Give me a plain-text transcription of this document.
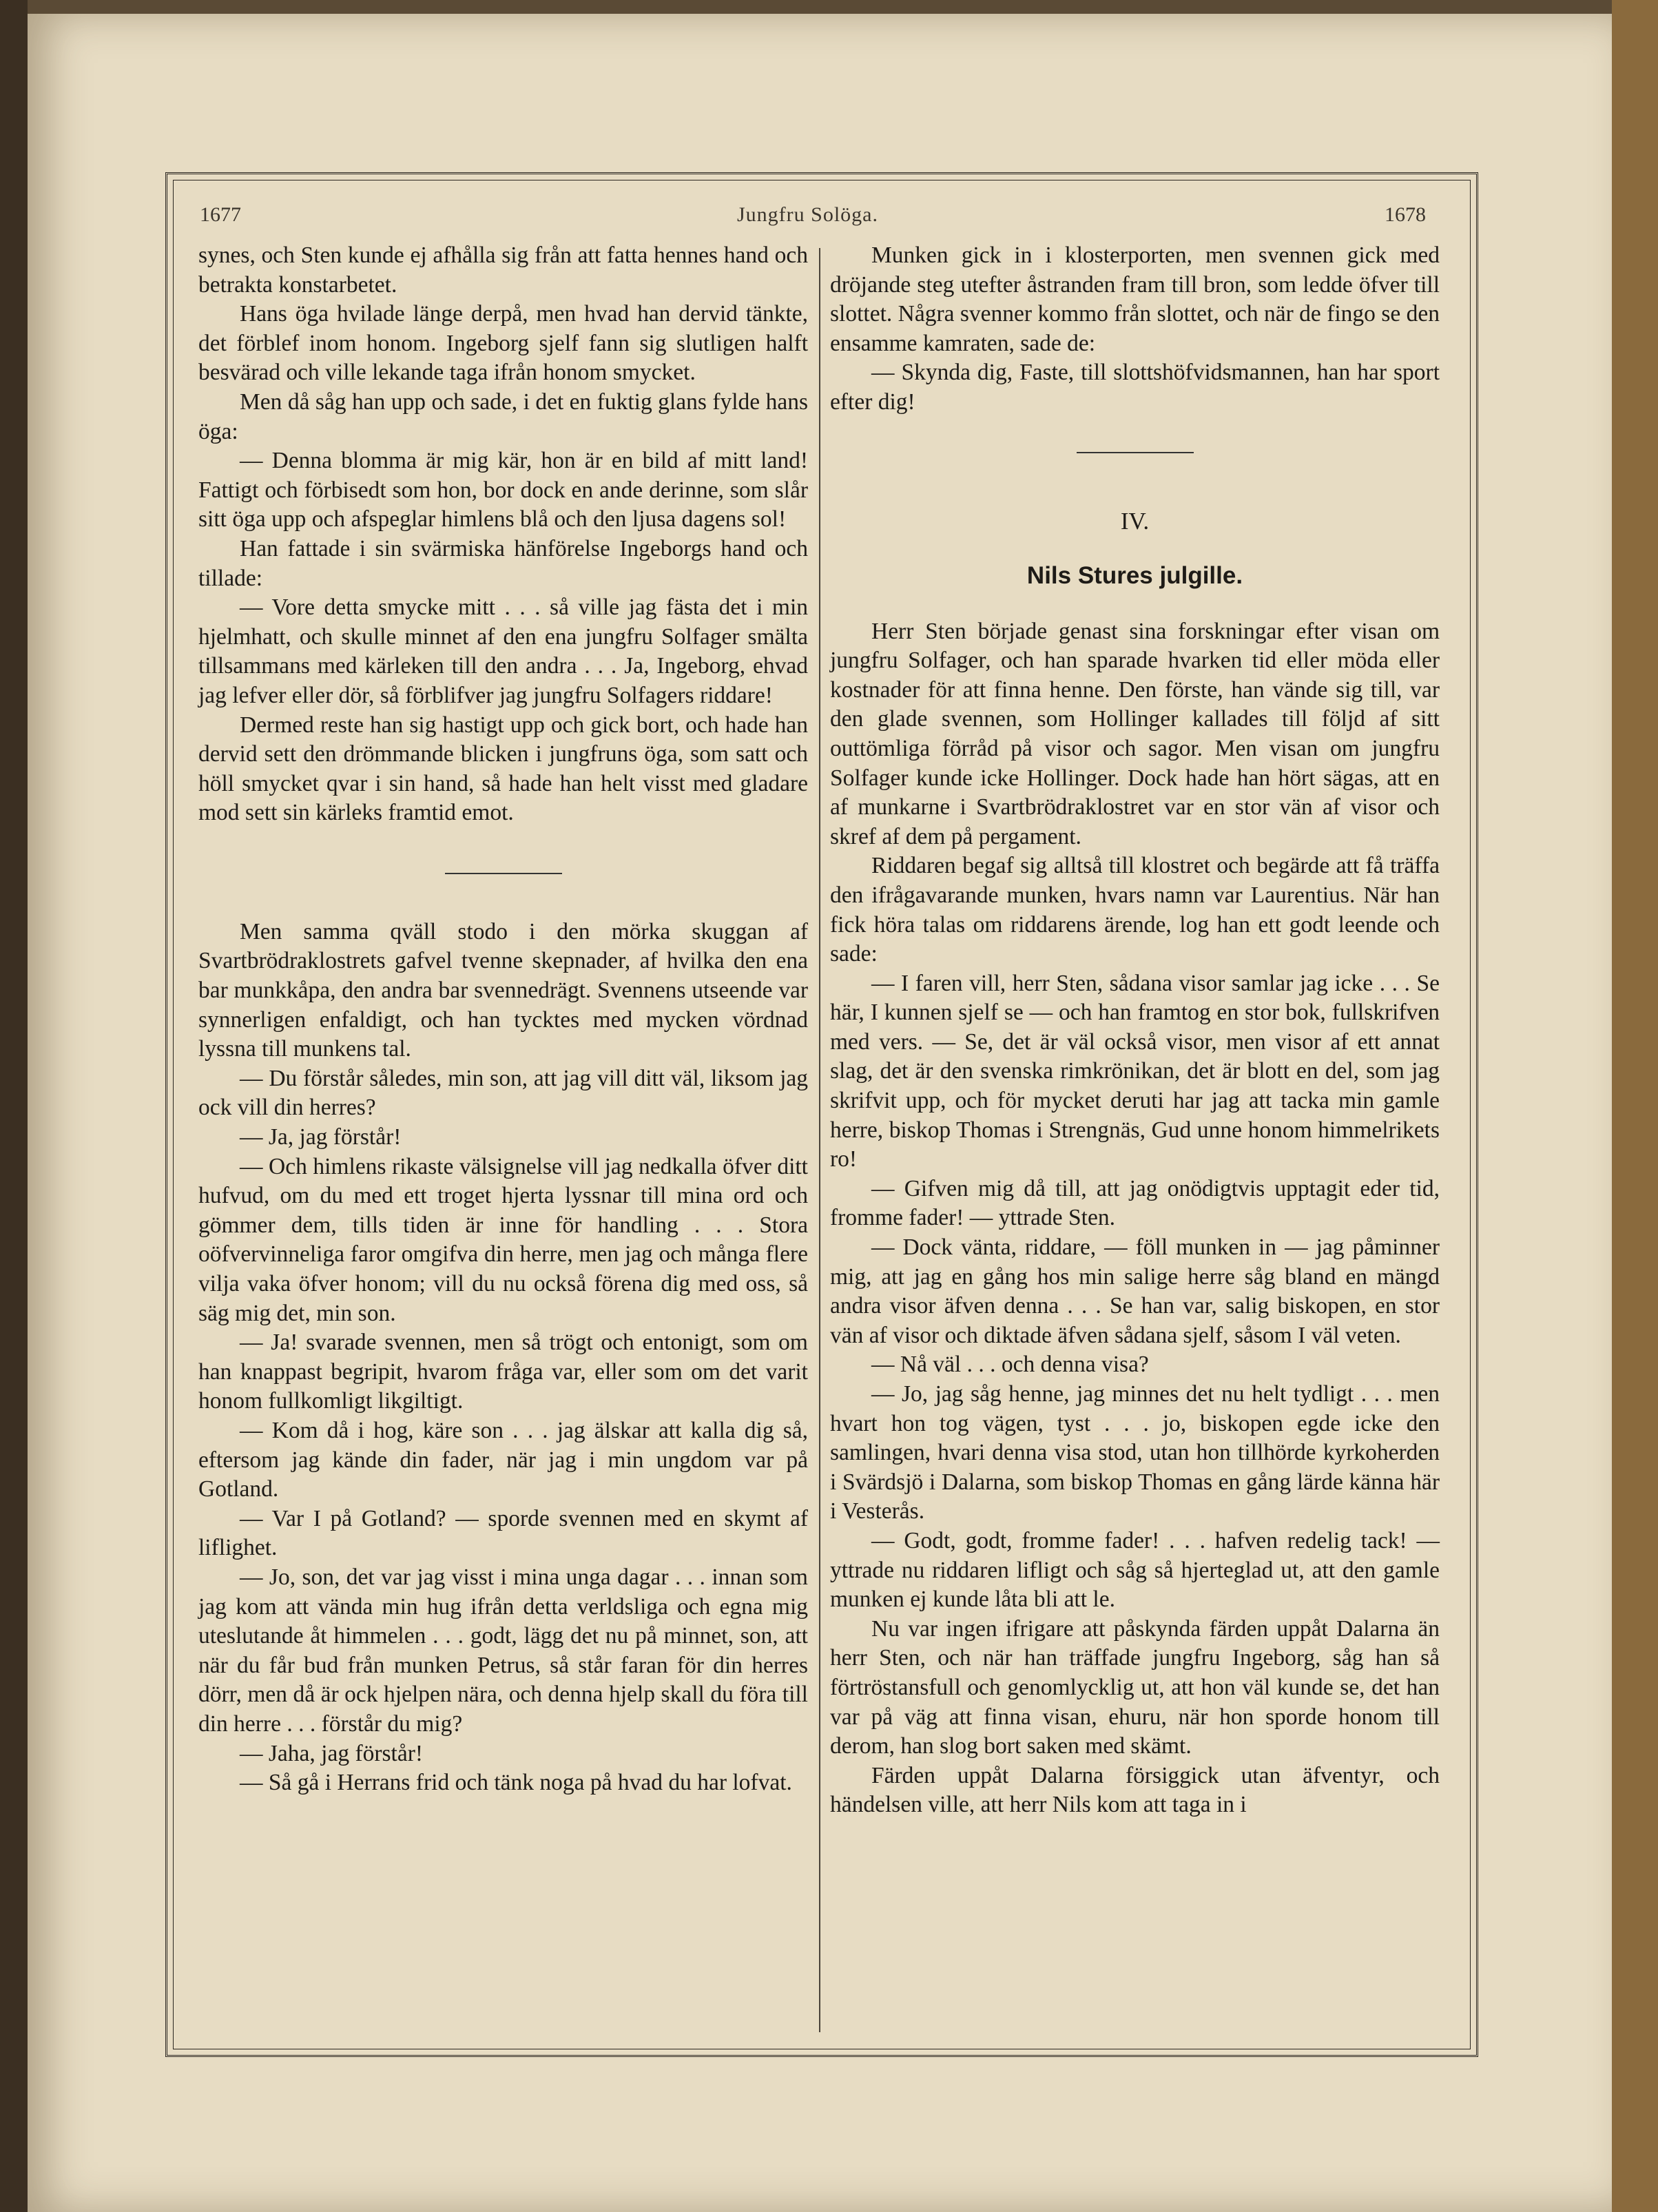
1677	Jungfru Solöga.	1678

synes, och Sten kunde ej afhålla sig från att fatta hennes hand och betrakta konstarbetet.

Hans öga hvilade länge derpå, men hvad han dervid tänkte, det förblef inom honom. Ingeborg sjelf fann sig slutligen halft besvärad och ville lekande taga ifrån honom smycket.

Men då såg han upp och sade, i det en fuktig glans fylde hans öga:

— Denna blomma är mig kär, hon är en bild af mitt land! Fattigt och förbisedt som hon, bor dock en ande derinne, som slår sitt öga upp och afspeglar himlens blå och den ljusa dagens sol!

Han fattade i sin svärmiska hänförelse Ingeborgs hand och tillade:

— Vore detta smycke mitt . . . så ville jag fästa det i min hjelmhatt, och skulle minnet af den ena jungfru Solfager smälta tillsammans med kärleken till den andra . . . Ja, Ingeborg, ehvad jag lefver eller dör, så förblifver jag jungfru Solfagers riddare!

Dermed reste han sig hastigt upp och gick bort, och hade han dervid sett den drömmande blicken i jungfruns öga, som satt och höll smycket qvar i sin hand, så hade han helt visst med gladare mod sett sin kärleks framtid emot.

Men samma qväll stodo i den mörka skuggan af Svartbrödraklostrets gafvel tvenne skepnader, af hvilka den ena bar munkkåpa, den andra bar svennedrägt. Svennens utseende var synnerligen enfaldigt, och han tycktes med mycken vördnad lyssna till munkens tal.

— Du förstår således, min son, att jag vill ditt väl, liksom jag ock vill din herres?

— Ja, jag förstår!

— Och himlens rikaste välsignelse vill jag nedkalla öfver ditt hufvud, om du med ett troget hjerta lyssnar till mina ord och gömmer dem, tills tiden är inne för handling . . . Stora oöfvervinneliga faror omgifva din herre, men jag och många flere vilja vaka öfver honom; vill du nu också förena dig med oss, så säg mig det, min son.

— Ja! svarade svennen, men så trögt och entonigt, som om han knappast begripit, hvarom fråga var, eller som om det varit honom fullkomligt likgiltigt.

— Kom då i hog, käre son . . . jag älskar att kalla dig så, eftersom jag kände din fader, när jag i min ungdom var på Gotland.

— Var I på Gotland? — sporde svennen med en skymt af liflighet.

— Jo, son, det var jag visst i mina unga dagar . . . innan som jag kom att vända min hug ifrån detta verldsliga och egna mig uteslutande åt himmelen . . . godt, lägg det nu på minnet, son, att när du får bud från munken Petrus, så står faran för din herres dörr, men då är ock hjelpen nära, och denna hjelp skall du föra till din herre . . . förstår du mig?

— Jaha, jag förstår!

— Så gå i Herrans frid och tänk noga på hvad du har lofvat.

Munken gick in i klosterporten, men svennen gick med dröjande steg utefter åstranden fram till bron, som ledde öfver till slottet. Några svenner kommo från slottet, och när de fingo se den ensamme kamraten, sade de:

— Skynda dig, Faste, till slottshöfvidsmannen, han har sport efter dig!

IV.
Nils Stures julgille.

Herr Sten började genast sina forskningar efter visan om jungfru Solfager, och han sparade hvarken tid eller möda eller kostnader för att finna henne. Den förste, han vände sig till, var den glade svennen, som Hollinger kallades till följd af sitt outtömliga förråd på visor och sagor. Men visan om jungfru Solfager kunde icke Hollinger. Dock hade han hört sägas, att en af munkarne i Svartbrödraklostret var en stor vän af visor och skref af dem på pergament.

Riddaren begaf sig alltså till klostret och begärde att få träffa den ifrågavarande munken, hvars namn var Laurentius. När han fick höra talas om riddarens ärende, log han ett godt leende och sade:

— I faren vill, herr Sten, sådana visor samlar jag icke . . . Se här, I kunnen sjelf se — och han framtog en stor bok, fullskrifven med vers. — Se, det är väl också visor, men visor af ett annat slag, det är den svenska rimkrönikan, det är blott en del, som jag skrifvit upp, och för mycket deruti har jag att tacka min gamle herre, biskop Thomas i Strengnäs, Gud unne honom himmelrikets ro!

— Gifven mig då till, att jag onödigtvis upptagit eder tid, fromme fader! — yttrade Sten.

— Dock vänta, riddare, — föll munken in — jag påminner mig, att jag en gång hos min salige herre såg bland en mängd andra visor äfven denna . . . Se han var, salig biskopen, en stor vän af visor och diktade äfven sådana sjelf, såsom I väl veten.

— Nå väl . . . och denna visa?

— Jo, jag såg henne, jag minnes det nu helt tydligt . . . men hvart hon tog vägen, tyst . . . jo, biskopen egde icke den samlingen, hvari denna visa stod, utan hon tillhörde kyrkoherden i Svärdsjö i Dalarna, som biskop Thomas en gång lärde känna här i Vesterås.

— Godt, godt, fromme fader! . . . hafven redelig tack! — yttrade nu riddaren lifligt och såg så hjerteglad ut, att den gamle munken ej kunde låta bli att le.

Nu var ingen ifrigare att påskynda färden uppåt Dalarna än herr Sten, och när han träffade jungfru Ingeborg, såg han så förtröstansfull och genomlycklig ut, att hon väl kunde se, det han var på väg att finna visan, ehuru, när hon sporde honom till derom, han slog bort saken med skämt.

Färden uppåt Dalarna försiggick utan äfventyr, och händelsen ville, att herr Nils kom att taga in i
